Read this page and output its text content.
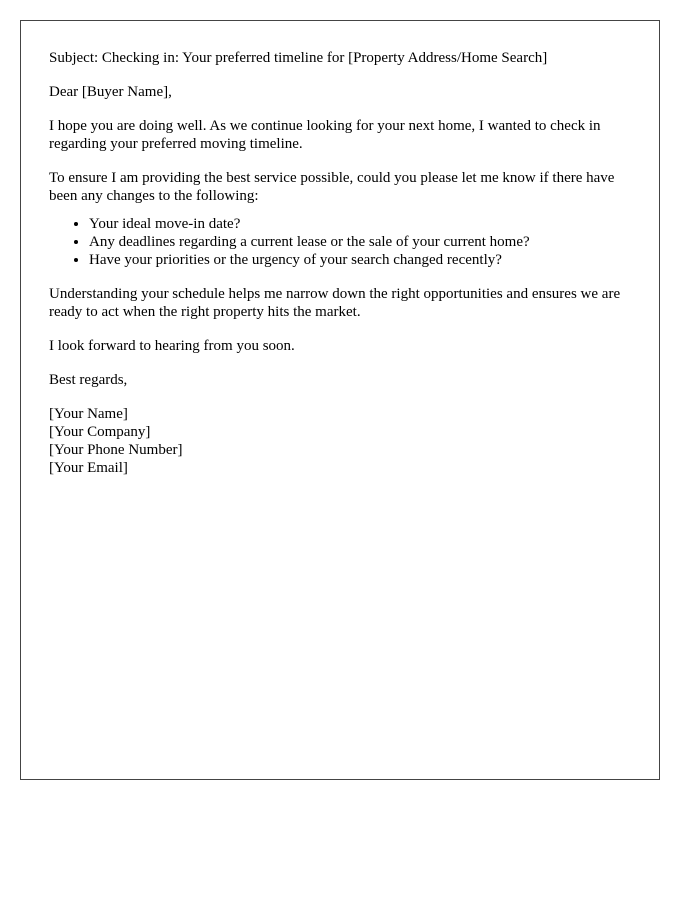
Subject: Checking in: Your preferred timeline for [Property Address/Home Search]

Dear [Buyer Name],

I hope you are doing well. As we continue looking for your next home, I wanted to check in regarding your preferred moving timeline.

To ensure I am providing the best service possible, could you please let me know if there have been any changes to the following:

• Your ideal move-in date?
• Any deadlines regarding a current lease or the sale of your current home?
• Have your priorities or the urgency of your search changed recently?

Understanding your schedule helps me narrow down the right opportunities and ensures we are ready to act when the right property hits the market.

I look forward to hearing from you soon.

Best regards,

[Your Name]
[Your Company]
[Your Phone Number]
[Your Email]
